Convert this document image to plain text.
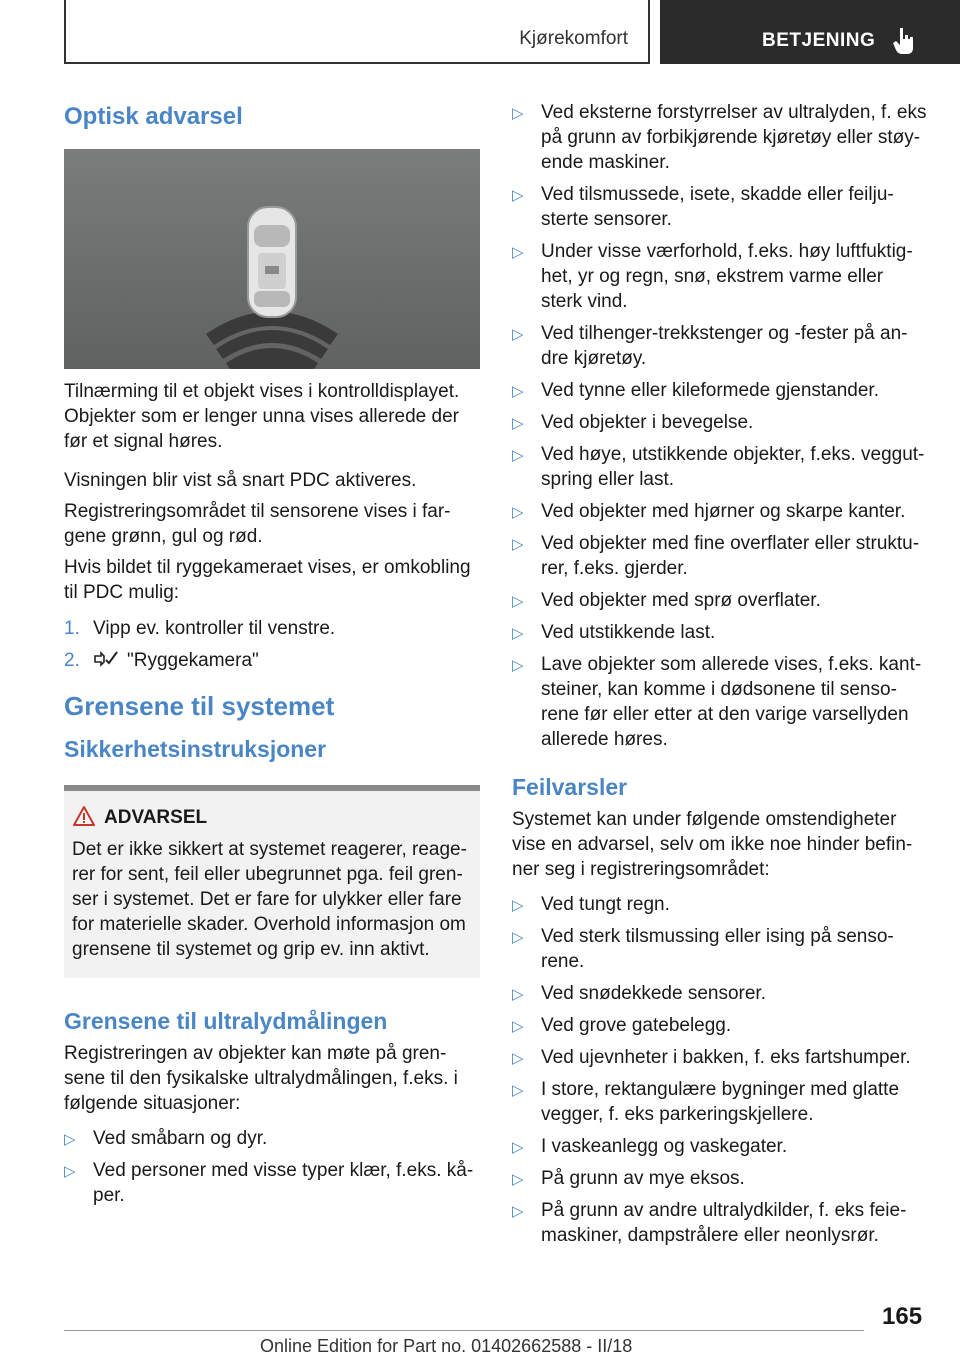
Kjørekomfort	BETJENING
Optisk advarsel

Tilnærming til et objekt vises i kontrolldisplayet. Objekter som er lenger unna vises allerede der før et signal høres.

Visningen blir vist så snart PDC aktiveres.

Registreringsområdet til sensorene vises i far-gene grønn, gul og rød.

Hvis bildet til ryggekameraet vises, er omkobling til PDC mulig:

1. Vipp ev. kontroller til venstre.
2. "Ryggekamera"
Grensene til systemet
Sikkerhetsinstruksjoner
ADVARSEL

Det er ikke sikkert at systemet reagerer, reage-rer for sent, feil eller ubegrunnet pga. feil gren-ser i systemet. Det er fare for ulykker eller fare for materielle skader. Overhold informasjon om grensene til systemet og grip ev. inn aktivt.

Grensene til ultralydmålingen

Registreringen av objekter kan møte på gren-sene til den fysikalske ultralydmålingen, f.eks. i følgende situasjoner:

▷ Ved småbarn og dyr.
▷ Ved personer med visse typer klær, f.eks. kå-per.
▷ Ved eksterne forstyrrelser av ultralyden, f. eks på grunn av forbikjørende kjøretøy eller støy-ende maskiner.
▷ Ved tilsmussede, isete, skadde eller feilju-sterte sensorer.
▷ Under visse værforhold, f.eks. høy luftfuktig-het, yr og regn, snø, ekstrem varme eller sterk vind.
▷ Ved tilhenger-trekkstenger og -fester på an-dre kjøretøy.
▷ Ved tynne eller kileformede gjenstander.
▷ Ved objekter i bevegelse.
▷ Ved høye, utstikkende objekter, f.eks. veggut-spring eller last.
▷ Ved objekter med hjørner og skarpe kanter.
▷ Ved objekter med fine overflater eller struktu-rer, f.eks. gjerder.
▷ Ved objekter med sprø overflater.
▷ Ved utstikkende last.
▷ Lave objekter som allerede vises, f.eks. kant-steiner, kan komme i dødsonene til senso-rene før eller etter at den varige varsellyden allerede høres.
Feilvarsler

Systemet kan under følgende omstendigheter vise en advarsel, selv om ikke noe hinder befin-ner seg i registreringsområdet:

▷ Ved tungt regn.
▷ Ved sterk tilsmussing eller ising på senso-rene.
▷ Ved snødekkede sensorer.
▷ Ved grove gatebelegg.
▷ Ved ujevnheter i bakken, f. eks fartshumper.
▷ I store, rektangulære bygninger med glatte vegger, f. eks parkeringskjellere.
▷ I vaskeanlegg og vaskegater.
▷ På grunn av mye eksos.
▷ På grunn av andre ultralydkilder, f. eks feie-maskiner, dampstrålere eller neonlysrør.
165
Online Edition for Part no. 01402662588 - II/18
